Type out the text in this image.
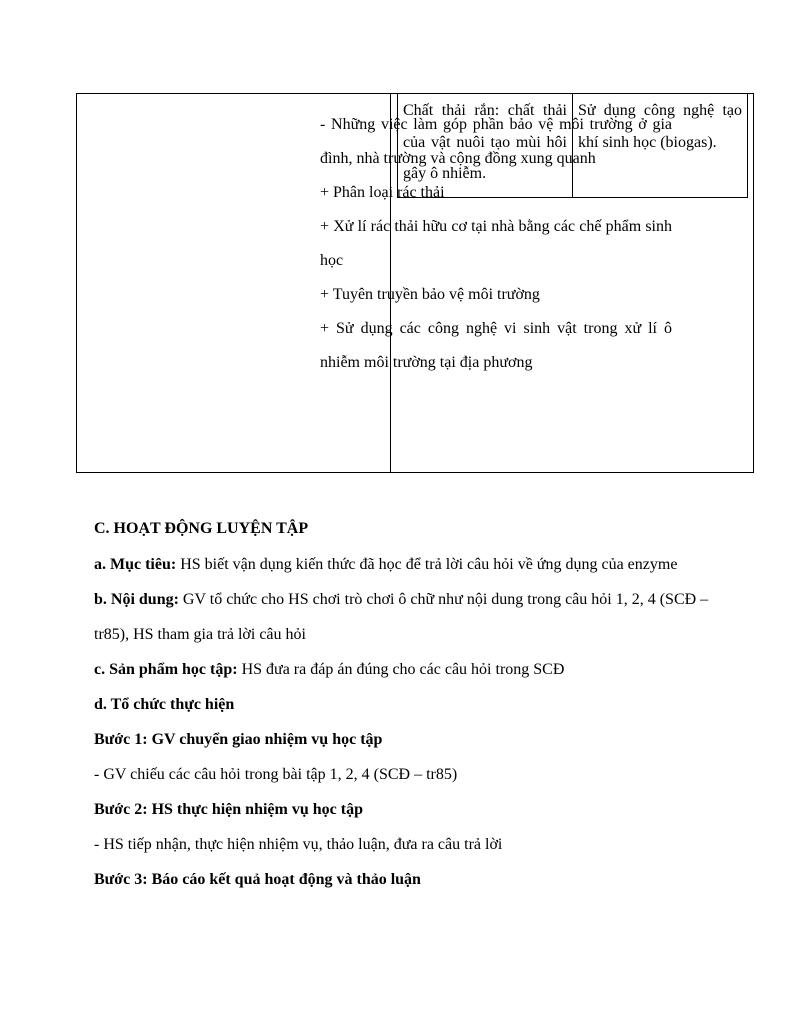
Chất thải rắn: chất thải của vật nuôi tạo mùi hôi gây ô nhiễm.
Sử dụng công nghệ tạo khí sinh học (biogas).

- Những việc làm góp phần bảo vệ môi trường ở gia đình, nhà trường và cộng đồng xung quanh

+ Phân loại rác thải

+ Xử lí rác thải hữu cơ tại nhà bằng các chế phẩm sinh học

+ Tuyên truyền bảo vệ môi trường

+ Sử dụng các công nghệ vi sinh vật trong xử lí ô nhiễm môi trường tại địa phương

C. HOẠT ĐỘNG LUYỆN TẬP

a. Mục tiêu: HS biết vận dụng kiến thức đã học để trả lời câu hỏi về ứng dụng của enzyme

b. Nội dung: GV tổ chức cho HS chơi trò chơi ô chữ như nội dung trong câu hỏi 1, 2, 4 (SCĐ – tr85), HS tham gia trả lời câu hỏi

c. Sản phẩm học tập: HS đưa ra đáp án đúng cho các câu hỏi trong SCĐ

d. Tổ chức thực hiện

Bước 1: GV chuyển giao nhiệm vụ học tập

- GV chiếu các câu hỏi trong bài tập 1, 2, 4 (SCĐ – tr85)

Bước 2: HS thực hiện nhiệm vụ học tập

- HS tiếp nhận, thực hiện nhiệm vụ, thảo luận, đưa ra câu trả lời

Bước 3: Báo cáo kết quả hoạt động và thảo luận
